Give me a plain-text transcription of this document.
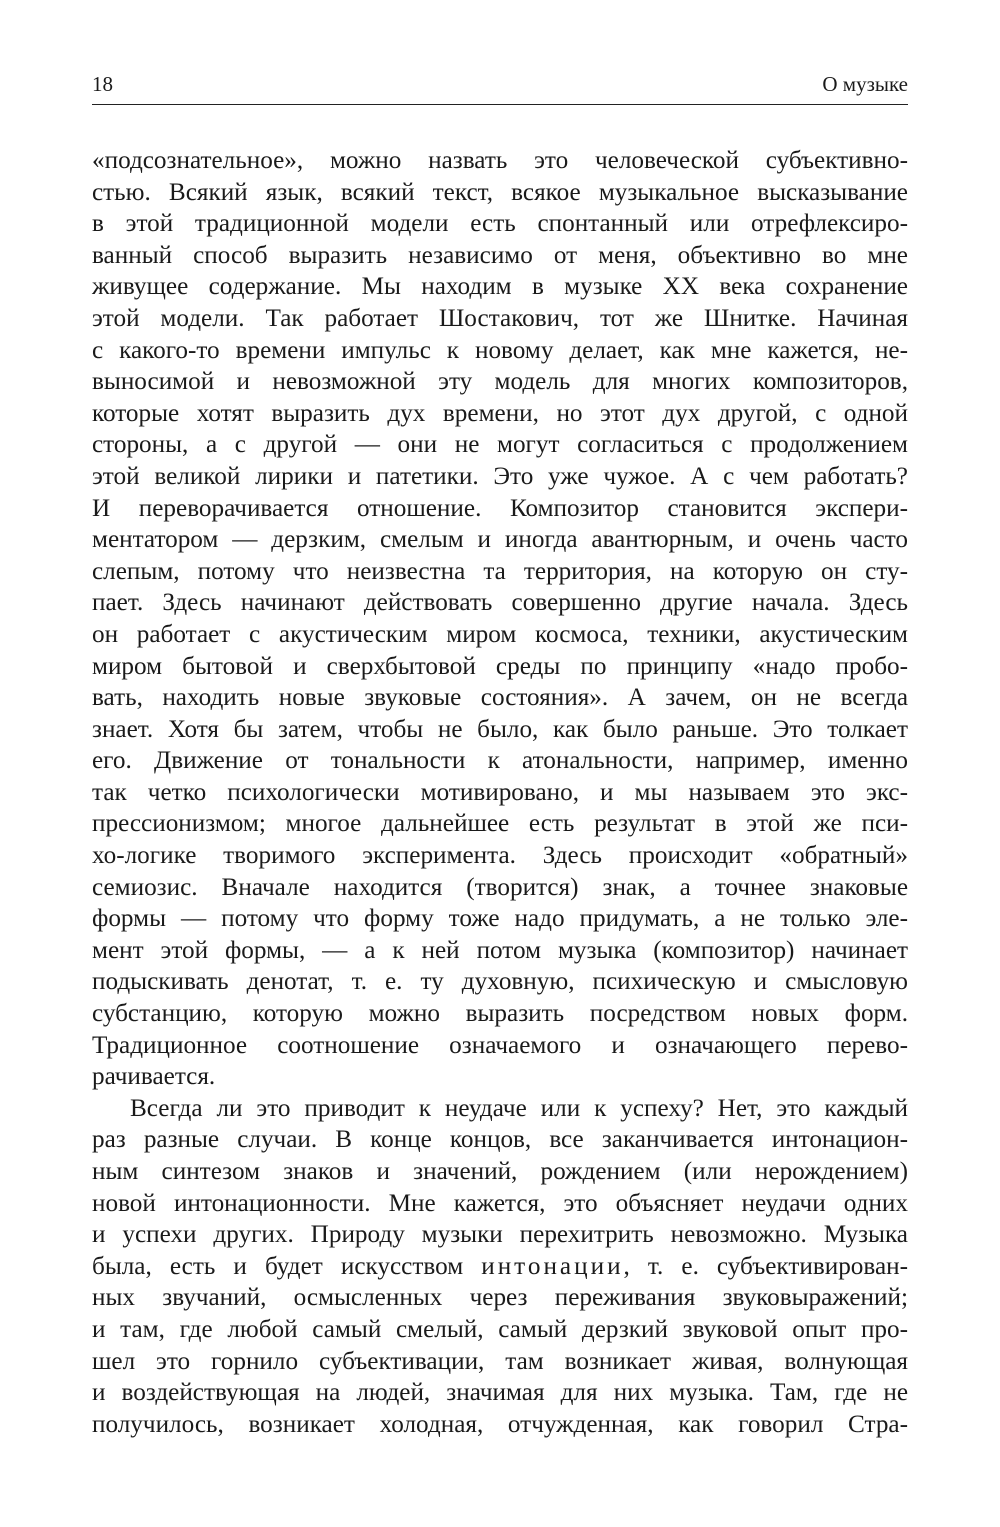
18	О музыке
«подсознательное», можно назвать это человеческой субъективно-
стью. Всякий язык, всякий текст, всякое музыкальное высказывание
в этой традиционной модели есть спонтанный или отрефлексиро-
ванный способ выразить независимо от меня, объективно во мне
живущее содержание. Мы находим в музыке XX века сохранение
этой модели. Так работает Шостакович, тот же Шнитке. Начиная
с какого-то времени импульс к новому делает, как мне кажется, не-
выносимой и невозможной эту модель для многих композиторов,
которые хотят выразить дух времени, но этот дух другой, с одной
стороны, а с другой — они не могут согласиться с продолжением
этой великой лирики и патетики. Это уже чужое. А с чем работать?
И переворачивается отношение. Композитор становится экспери-
ментатором — дерзким, смелым и иногда авантюрным, и очень часто
слепым, потому что неизвестна та территория, на которую он сту-
пает. Здесь начинают действовать совершенно другие начала. Здесь
он работает с акустическим миром космоса, техники, акустическим
миром бытовой и сверхбытовой среды по принципу «надо пробо-
вать, находить новые звуковые состояния». А зачем, он не всегда
знает. Хотя бы затем, чтобы не было, как было раньше. Это толкает
его. Движение от тональности к атональности, например, именно
так четко психологически мотивировано, и мы называем это экс-
прессионизмом; многое дальнейшее есть результат в этой же пси-
хо-логике творимого эксперимента. Здесь происходит «обратный»
семиозис. Вначале находится (творится) знак, а точнее знаковые
формы — потому что форму тоже надо придумать, а не только эле-
мент этой формы, — а к ней потом музыка (композитор) начинает
подыскивать денотат, т. е. ту духовную, психическую и смысловую
субстанцию, которую можно выразить посредством новых форм.
Традиционное соотношение означаемого и означающего перево-
рачивается.
Всегда ли это приводит к неудаче или к успеху? Нет, это каждый
раз разные случаи. В конце концов, все заканчивается интонацион-
ным синтезом знаков и значений, рождением (или нерождением)
новой интонационности. Мне кажется, это объясняет неудачи одних
и успехи других. Природу музыки перехитрить невозможно. Музыка
была, есть и будет искусством интонации, т. е. субъективирован-
ных звучаний, осмысленных через переживания звуковыражений;
и там, где любой самый смелый, самый дерзкий звуковой опыт про-
шел это горнило субъективации, там возникает живая, волнующая
и воздействующая на людей, значимая для них музыка. Там, где не
получилось, возникает холодная, отчужденная, как говорил Стра-
